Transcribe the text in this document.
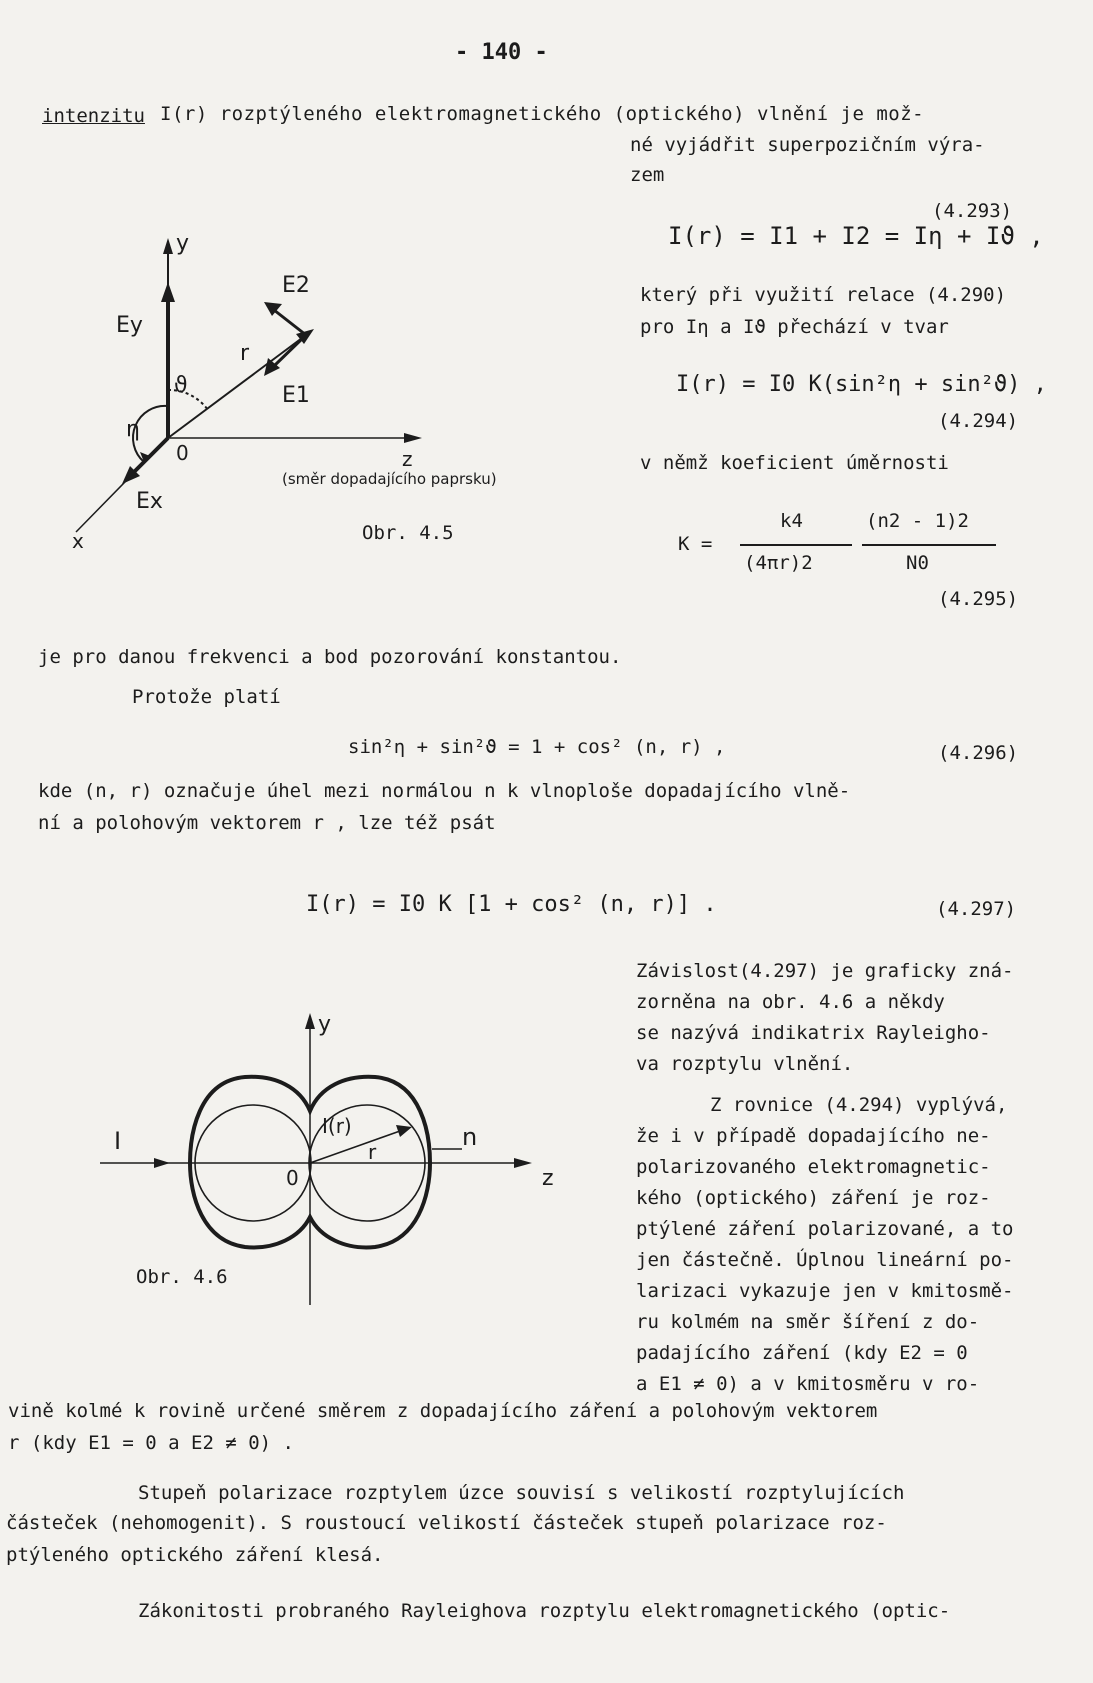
- 140 -
intenzitu I(r) rozptýleného elektromagnetického (optického) vlnění je mož-
né vyjádřit superpozičním výra-
zem
(4.293)
I(r) = I1 + I2 = Iη + Iϑ ,
který při využití relace (4.290)
pro Iη a Iϑ přechází v tvar
I(r) = I0 K(sin²η + sin²ϑ) ,
(4.294)
v němž koeficient úměrnosti
K =
k4
(4πr)2
(n2 - 1)2
N0
(4.295)
y
Ey
E2
r
ϑ	E1
η
0	z
(směr dopadajícího paprsku)
Ex
x	Obr. 4.5
je pro danou frekvenci a bod pozorování konstantou.
Protože platí
sin²η + sin²ϑ = 1 + cos² (n, r) ,	(4.296)
kde (n, r) označuje úhel mezi normálou n k vlnoploše dopadajícího vlně-
ní a polohovým vektorem r , lze též psát
I(r) = I0 K [1 + cos² (n, r)] .	(4.297)
Závislost(4.297) je graficky zná-
zorněna na obr. 4.6 a někdy
se nazývá indikatrix Rayleigho-
va rozptylu vlnění.
Z rovnice (4.294) vyplývá,
že i v případě dopadajícího ne-
polarizovaného elektromagnetic-
kého (optického) záření je roz-
ptýlené záření polarizované, a to
jen částečně. Úplnou lineární po-
larizaci vykazuje jen v kmitosmě-
ru kolmém na směr šíření z do-
padajícího záření (kdy E2 = 0
a E1 ≠ 0) a v kmitosměru v ro-
y
I
I(r)
r
n
0	z
Obr. 4.6
vině kolmé k rovině určené směrem z dopadajícího záření a polohovým vektorem
r (kdy E1 = 0 a E2 ≠ 0) .
Stupeň polarizace rozptylem úzce souvisí s velikostí rozptylujících
částeček (nehomogenit). S roustoucí velikostí částeček stupeň polarizace roz-
ptýleného optického záření klesá.
Zákonitosti probraného Rayleighova rozptylu elektromagnetického (optic-
